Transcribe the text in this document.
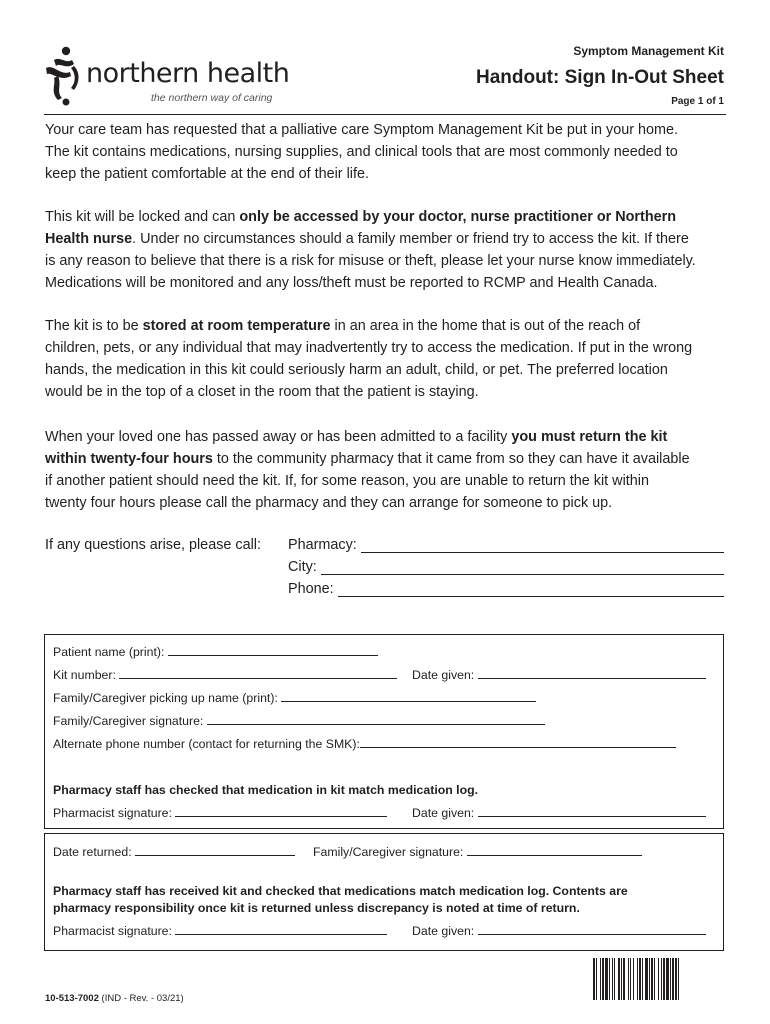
northern health
the northern way of caring
Symptom Management Kit
Handout: Sign In-Out Sheet
Page 1 of 1
Your care team has requested that a palliative care Symptom Management Kit be put in your home.
The kit contains medications, nursing supplies, and clinical tools that are most commonly needed to
keep the patient comfortable at the end of their life.
This kit will be locked and can only be accessed by your doctor, nurse practitioner or Northern
Health nurse. Under no circumstances should a family member or friend try to access the kit. If there
is any reason to believe that there is a risk for misuse or theft, please let your nurse know immediately.
Medications will be monitored and any loss/theft must be reported to RCMP and Health Canada.
The kit is to be stored at room temperature in an area in the home that is out of the reach of
children, pets, or any individual that may inadvertently try to access the medication. If put in the wrong
hands, the medication in this kit could seriously harm an adult, child, or pet. The preferred location
would be in the top of a closet in the room that the patient is staying.
When your loved one has passed away or has been admitted to a facility you must return the kit
within twenty-four hours to the community pharmacy that it came from so they can have it available
if another patient should need the kit. If, for some reason, you are unable to return the kit within
twenty four hours please call the pharmacy and they can arrange for someone to pick up.
If any questions arise, please call: Pharmacy:
City:
Phone:
Patient name (print):
Kit number:	Date given:
Family/Caregiver picking up name (print):
Family/Caregiver signature:
Alternate phone number (contact for returning the SMK):
Pharmacy staff has checked that medication in kit match medication log.
Pharmacist signature:	Date given:
Date returned:	Family/Caregiver signature:
Pharmacy staff has received kit and checked that medications match medication log. Contents are
pharmacy responsibility once kit is returned unless discrepancy is noted at time of return.
Pharmacist signature:	Date given:
10-513-7002 (IND - Rev. - 03/21)
